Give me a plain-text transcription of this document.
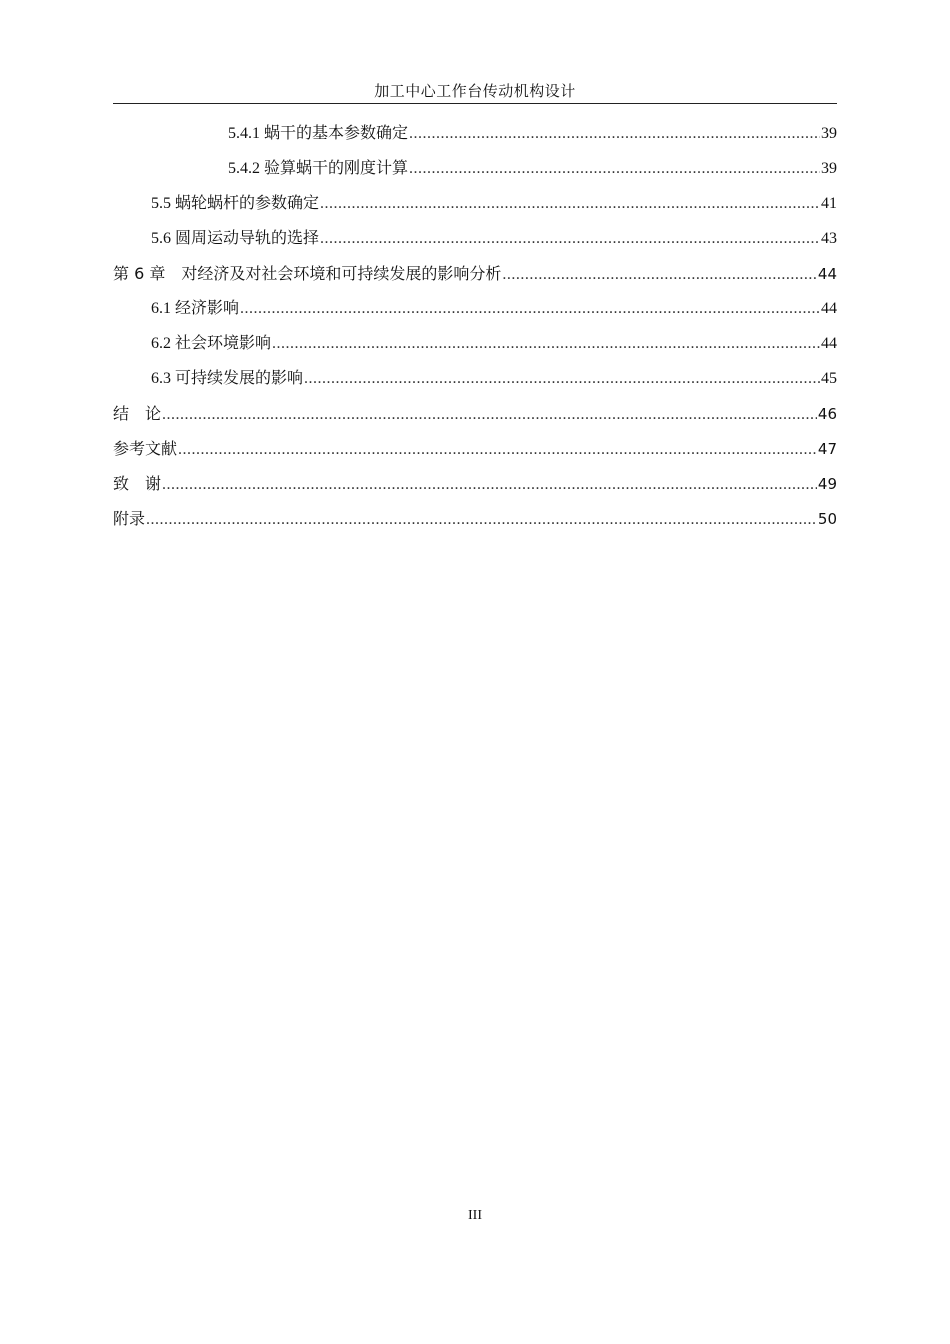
加工中心工作台传动机构设计
5.4.1 蜗干的基本参数确定 .....	39
5.4.2 验算蜗干的刚度计算 .....	39
5.5 蜗轮蜗杆的参数确定 .....	41
5.6 圆周运动导轨的选择 .....	43
第 6 章　对经济及对社会环境和可持续发展的影响分析 .....	44
6.1 经济影响 .....	44
6.2 社会环境影响 .....	44
6.3 可持续发展的影响 .....	45
结　论 .....	46
参考文献 .....	47
致　谢 .....	49
附录 .....	50
III
